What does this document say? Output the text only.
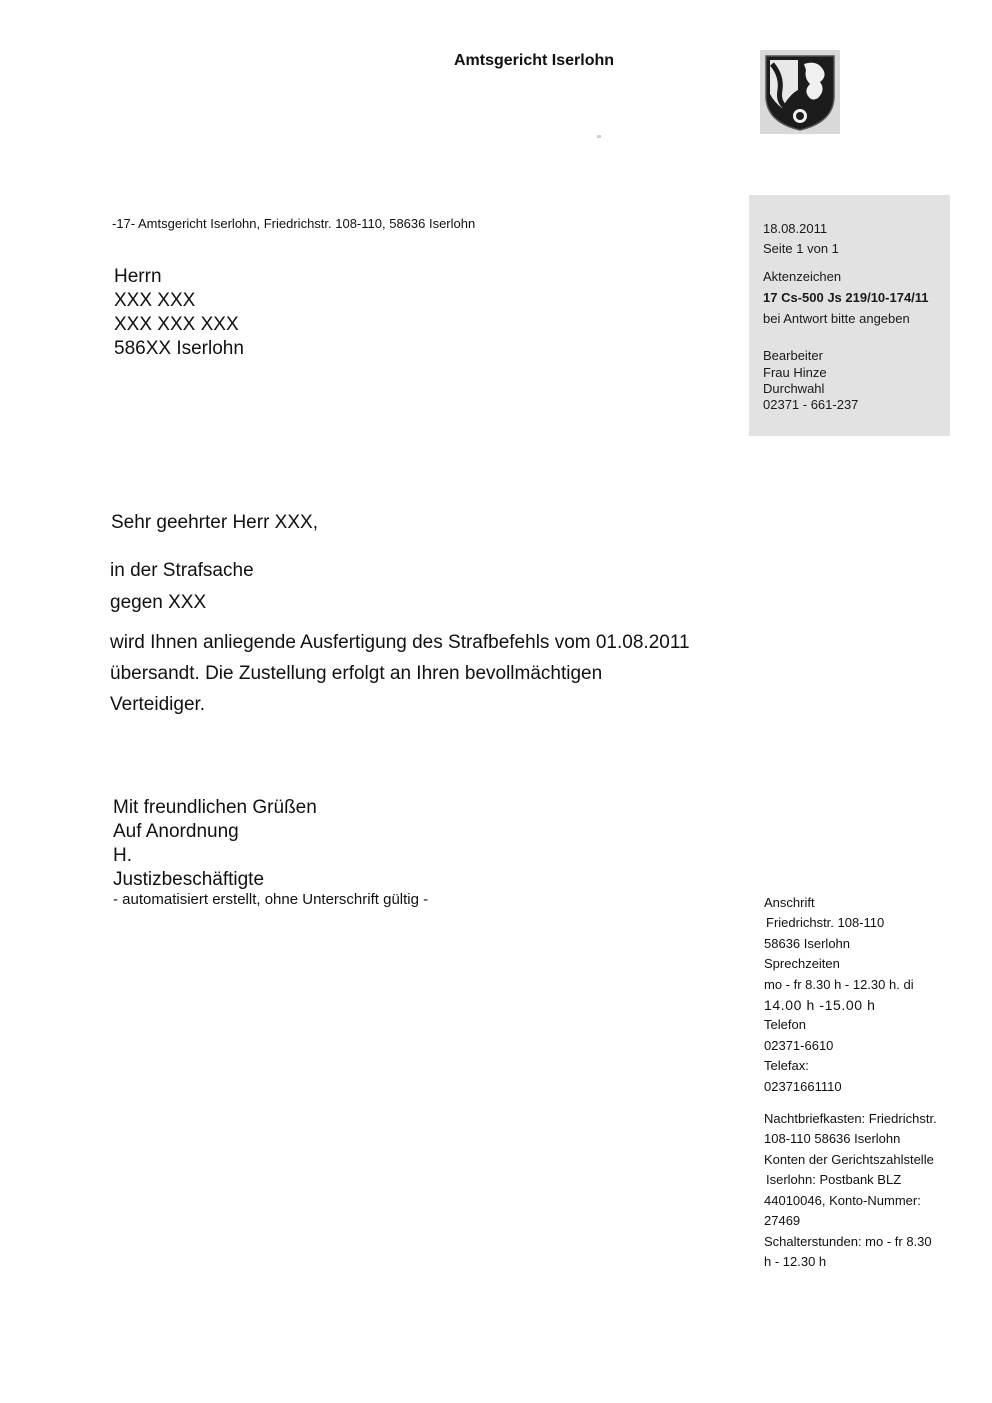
Amtsgericht Iserlohn
-17- Amtsgericht Iserlohn, Friedrichstr. 108-110, 58636 Iserlohn
Herrn
XXX XXX
XXX XXX XXX
586XX Iserlohn
18.08.2011
Seite 1 von 1
Aktenzeichen
17 Cs-500 Js 219/10-174/11
bei Antwort bitte angeben
Bearbeiter
Frau Hinze
Durchwahl
02371 - 661-237
Sehr geehrter Herr XXX,
in der Strafsache
gegen XXX
wird Ihnen anliegende Ausfertigung des Strafbefehls vom 01.08.2011
übersandt. Die Zustellung erfolgt an Ihren bevollmächtigen
Verteidiger.
Mit freundlichen Grüßen
Auf Anordnung
H.
Justizbeschäftigte
- automatisiert erstellt, ohne Unterschrift gültig -	Anschrift
Friedrichstr. 108-110
58636 Iserlohn
Sprechzeiten
mo - fr 8.30 h - 12.30 h. di
14.00 h -15.00 h
Telefon
02371-6610
Telefax:
02371661110
Nachtbriefkasten: Friedrichstr.
108-110 58636 Iserlohn
Konten der Gerichtszahlstelle
Iserlohn: Postbank BLZ
44010046, Konto-Nummer:
27469
Schalterstunden: mo - fr 8.30
h - 12.30 h
